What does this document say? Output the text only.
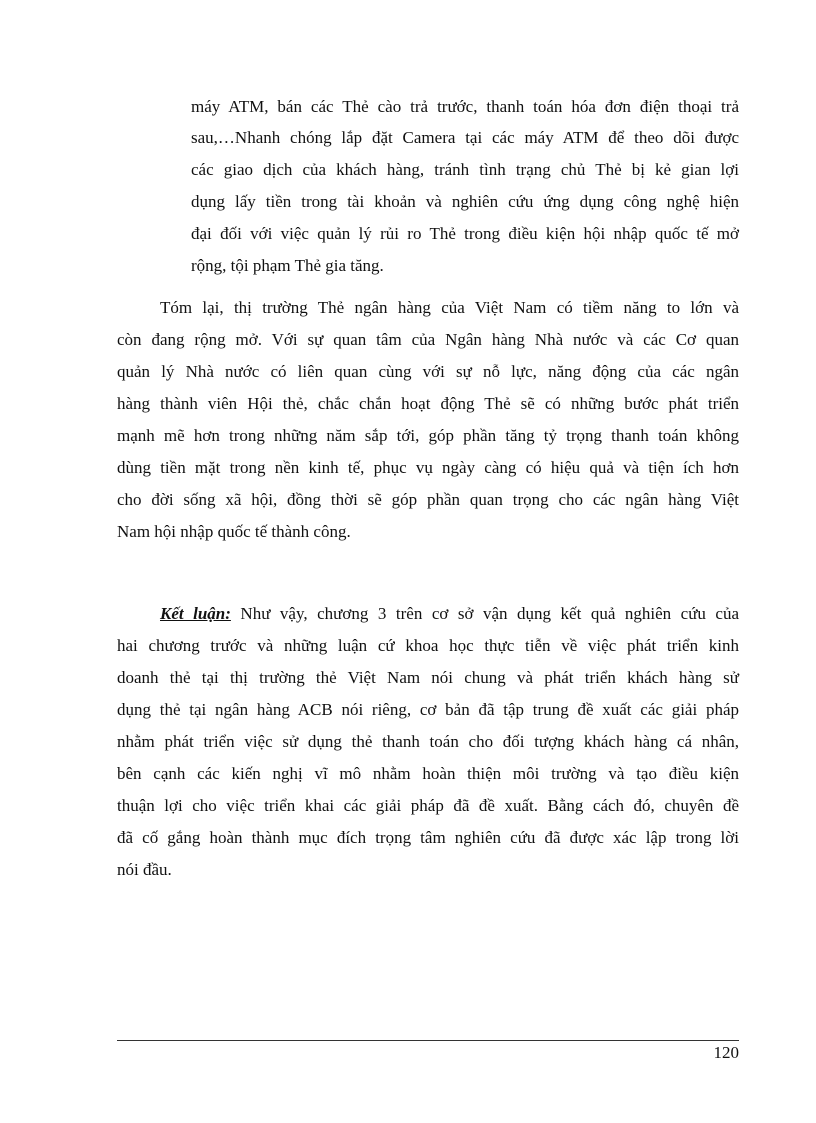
máy ATM, bán các Thẻ cào trả trước, thanh toán hóa đơn điện thoại trả
sau,…Nhanh chóng lắp đặt Camera tại các máy ATM để theo dõi được
các giao dịch của khách hàng, tránh tình trạng chủ Thẻ bị kẻ gian lợi
dụng lấy tiền trong tài khoản và nghiên cứu ứng dụng công nghệ hiện
đại đối với việc quản lý rủi ro Thẻ trong điều kiện hội nhập quốc tế mở
rộng, tội phạm Thẻ gia tăng.
Tóm lại, thị trường Thẻ ngân hàng của Việt Nam có tiềm năng to lớn và
còn đang rộng mở. Với sự quan tâm của Ngân hàng Nhà nước và các Cơ quan
quản lý Nhà nước có liên quan cùng với sự nỗ lực, năng động của các ngân
hàng thành viên Hội thẻ, chắc chắn hoạt động Thẻ sẽ có những bước phát triển
mạnh mẽ hơn trong những năm sắp tới, góp phần tăng tỷ trọng thanh toán không
dùng tiền mặt trong nền kinh tế, phục vụ ngày càng có hiệu quả và tiện ích hơn
cho đời sống xã hội, đồng thời sẽ góp phần quan trọng cho các ngân hàng Việt
Nam hội nhập quốc tế thành công.
Kết luận: Như vậy, chương 3 trên cơ sở vận dụng kết quả nghiên cứu của
hai chương trước và những luận cứ khoa học thực tiễn về việc phát triển kinh
doanh thẻ tại thị trường thẻ Việt Nam nói chung và phát triển khách hàng sử
dụng thẻ tại ngân hàng ACB nói riêng, cơ bản đã tập trung đề xuất các giải pháp
nhằm phát triển việc sử dụng thẻ thanh toán cho đối tượng khách hàng cá nhân,
bên cạnh các kiến nghị vĩ mô nhằm hoàn thiện môi trường và tạo điều kiện
thuận lợi cho việc triển khai các giải pháp đã đề xuất. Bằng cách đó, chuyên đề
đã cố gắng hoàn thành mục đích trọng tâm nghiên cứu đã được xác lập trong lời
nói đầu.
120
